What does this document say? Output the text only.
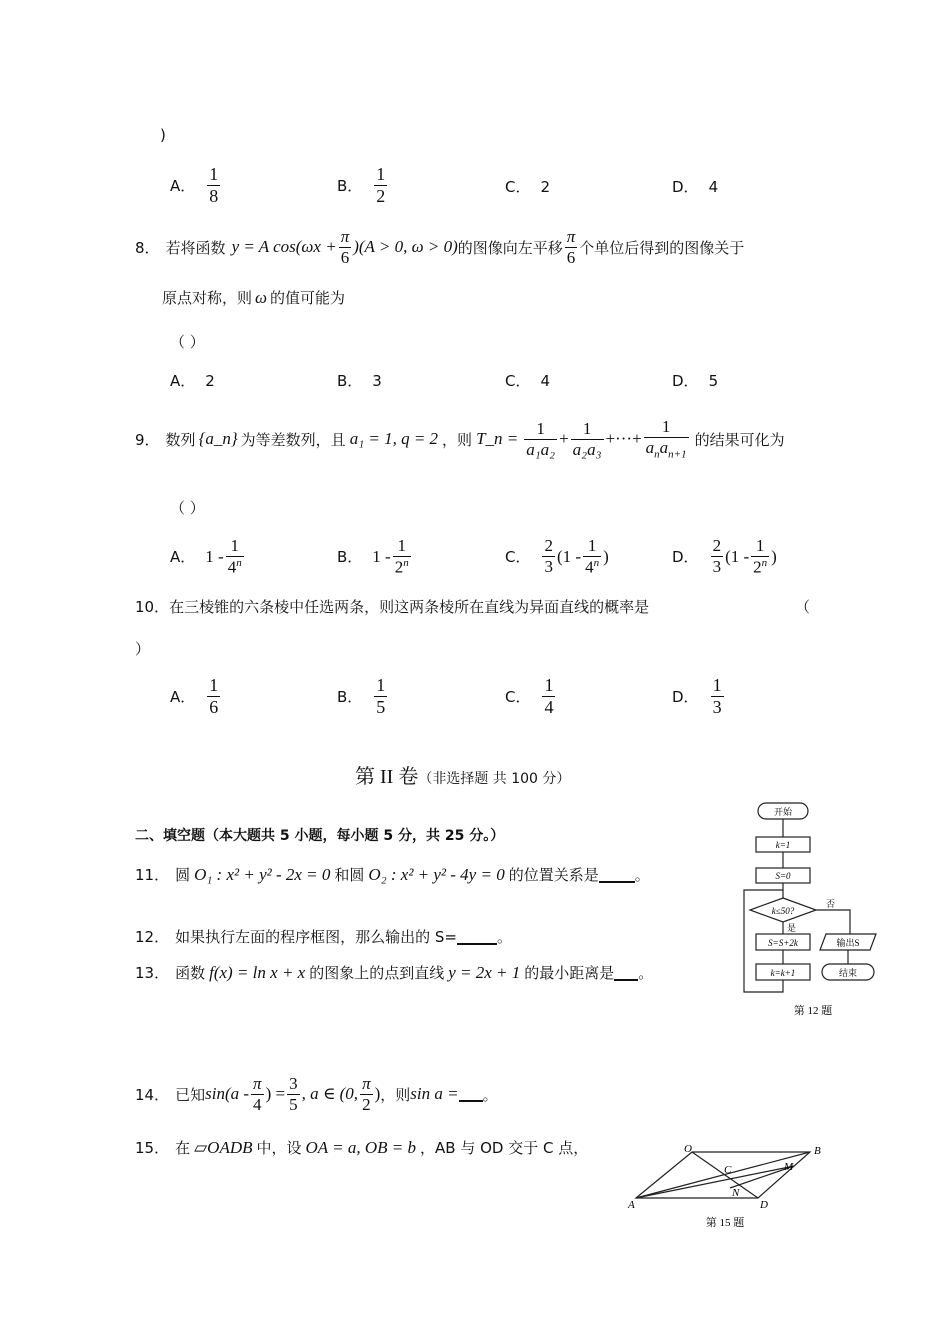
)
A． $\frac{1}{8}$	B． $\frac{1}{2}$	C． 2	D． 4
8． 若将函数 y = A $\cos(\omega x + \frac{\pi}{6} )(A > 0$, ω > 0) 的图像向左平移 $\frac{\pi}{6}$ 个单位后得到的图像关于
原点对称，则 ω 的值可能为
（ ）
A． 2	B． 3	C． 4	D． 5
9． 数列 {a_n} 为等差数列，且 a₁ = 1, q = 2 ，则 T_n = $\frac{1}{\text{a₁a₂}} + \frac{1}{\text{a₂a₃}}$ +···+ $\frac{1}{a_na_{n+1}}$ 的结果可化为
（ ）
A． $1 - \frac{1}{4^n}$	B． $1 - \frac{1}{2^n}$	C． $\frac{2}{3} (1 - \frac{1}{4^n}$ )	D． $\frac{2}{3} (1 - \frac{1}{2^n}$ )
10．在三棱锥的六条棱中任选两条，则这两条棱所在直线为异面直线的概率是	（
）
A． $\frac{1}{6}$	B． $\frac{1}{5}$	C． $\frac{1}{4}$	D． $\frac{1}{3}$
第 II 卷 （非选择题 共 100 分）
二、填空题（本大题共 5 小题，每小题 5 分，共 25 分。）
11． 圆 O₁ : x² + y² - 2x = 0 和圆 O₂ : x² + y² - 4y = 0 的位置关系是 。
12． 如果执行左面的程序框图，那么输出的 S=	。
13． 函数 f(x) = ln x + x 的图象上的点到直线 y = 2x + 1 的最小距离是 。
14． 已知 $\sin(a - \frac{\pi}{4}$ ) = $\frac{3}{5}$ , a ∈ (0, $\frac{\pi}{2}$ ) ，则 sin a = 。
15． 在 ▱OADB 中，设 OA = a, OB = b ，AB 与 OD 交于 C 点，
开始
k=1
S=0
k≤50?
否
是
S=S+2k
k=k+1
输出S
结束
第 12 题
O	B
C	M
N
A	D
第 15 题
